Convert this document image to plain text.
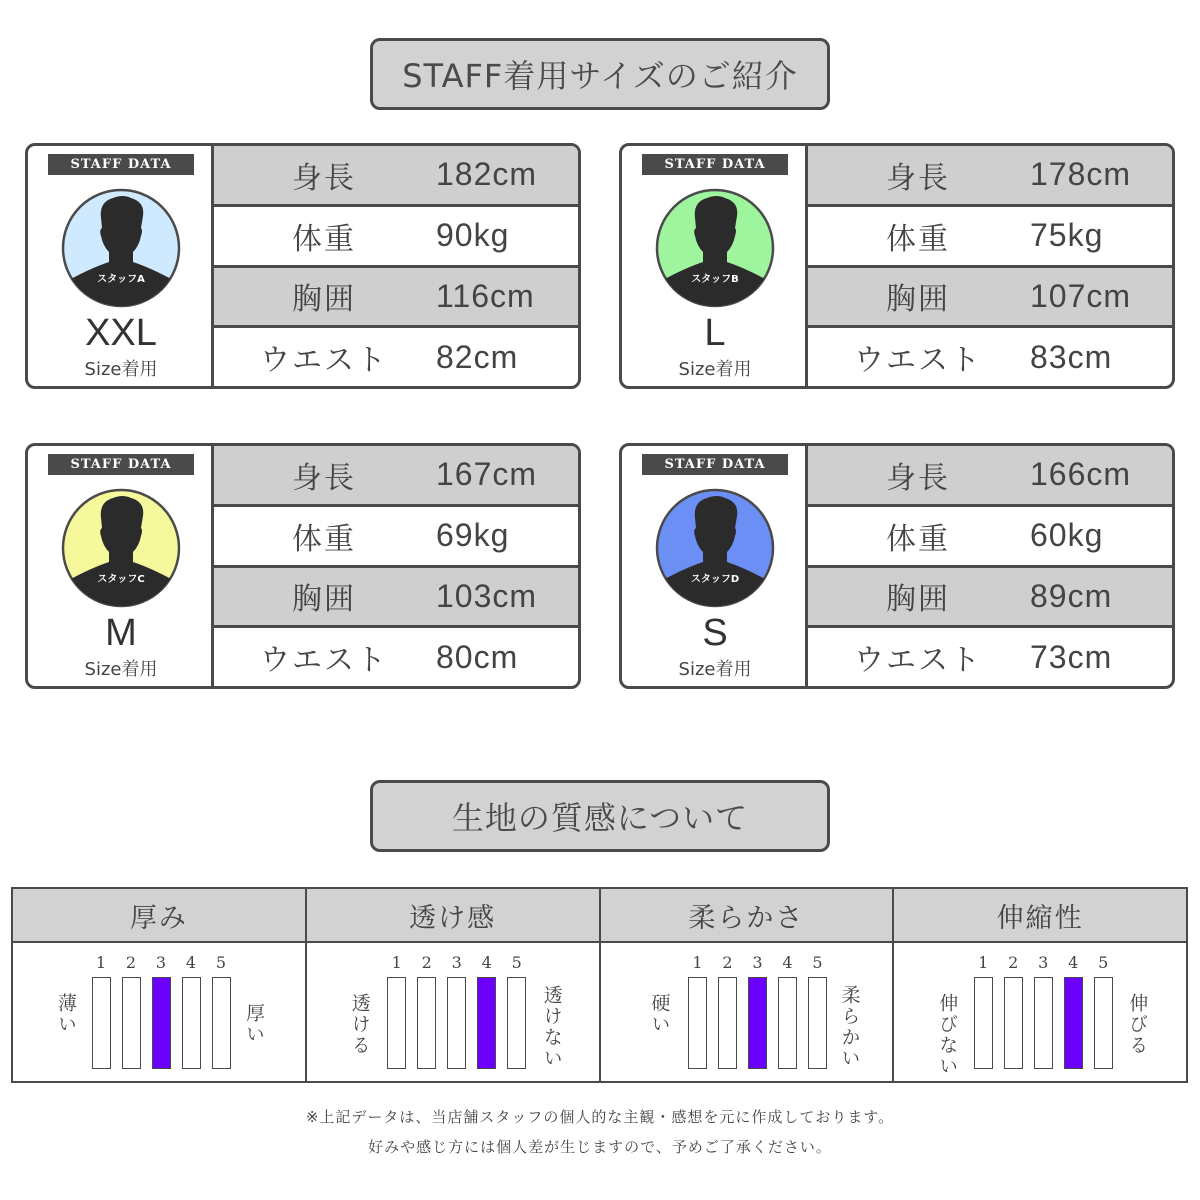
STAFF着用サイズのご紹介
STAFF DATA
スタッフA
XXL
Size着用
身長	182cm
体重	90kg
胸囲	116cm
ウエスト	82cm
STAFF DATA
スタッフB
L
Size着用
身長	178cm
体重	75kg
胸囲	107cm
ウエスト	83cm
STAFF DATA
スタッフC
M
Size着用
身長	167cm
体重	69kg
胸囲	103cm
ウエスト	80cm
STAFF DATA
スタッフD
S
Size着用
身長	166cm
体重	60kg
胸囲	89cm
ウエスト	73cm
生地の質感について
厚み
薄い
1 2 3 4 5
厚い
透け感
透ける
1 2 3 4 5
透けない
柔らかさ
硬い
1 2 3 4 5
柔らかい
伸縮性
伸びない
1 2 3 4 5
伸びる
※上記データは、当店舗スタッフの個人的な主観・感想を元に作成しております。
好みや感じ方には個人差が生じますので、予めご了承ください。
